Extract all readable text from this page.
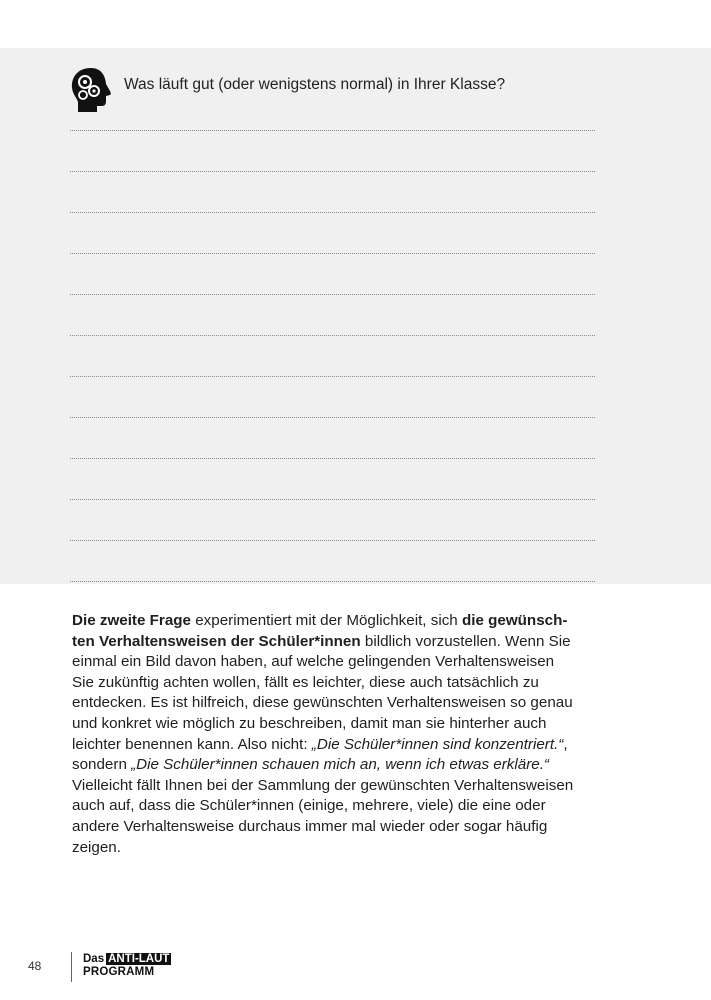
Was läuft gut (oder wenigstens normal) in Ihrer Klasse?
Die zweite Frage experimentiert mit der Möglichkeit, sich die gewünsch-
ten Verhaltensweisen der Schüler*innen bildlich vorzustellen. Wenn Sie
einmal ein Bild davon haben, auf welche gelingenden Verhaltensweisen
Sie zukünftig achten wollen, fällt es leichter, diese auch tatsächlich zu
entdecken. Es ist hilfreich, diese gewünschten Verhaltensweisen so genau
und konkret wie möglich zu beschreiben, damit man sie hinterher auch
leichter benennen kann. Also nicht: „Die Schüler*innen sind konzentriert.“,
sondern „Die Schüler*innen schauen mich an, wenn ich etwas erkläre.“
Vielleicht fällt Ihnen bei der Sammlung der gewünschten Verhaltensweisen
auch auf, dass die Schüler*innen (einige, mehrere, viele) die eine oder
andere Verhaltensweise durchaus immer mal wieder oder sogar häufig
zeigen.
48	Das ANTI-LAUT
PROGRAMM
